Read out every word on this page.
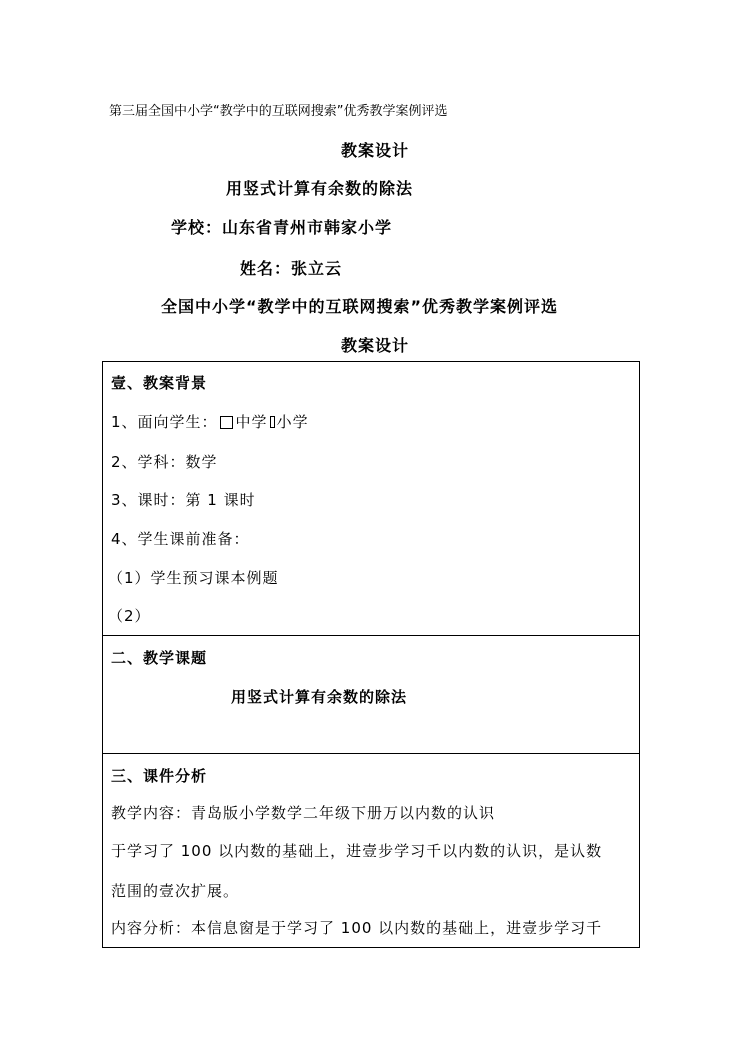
第三届全国中小学“教学中的互联网搜索”优秀教学案例评选
教案设计
用竖式计算有余数的除法
学校：山东省青州市韩家小学
姓名：张立云
全国中小学“教学中的互联网搜索”优秀教学案例评选
教案设计
壹、教案背景
1、面向学生： 中学 小学
2、学科：数学
3、课时：第 1 课时
4、学生课前准备：
（1）学生预习课本例题
（2）
二、教学课题
用竖式计算有余数的除法
三、课件分析
教学内容：青岛版小学数学二年级下册万以内数的认识
于学习了 100 以内数的基础上，进壹步学习千以内数的认识，是认数
范围的壹次扩展。
内容分析：本信息窗是于学习了 100 以内数的基础上，进壹步学习千
